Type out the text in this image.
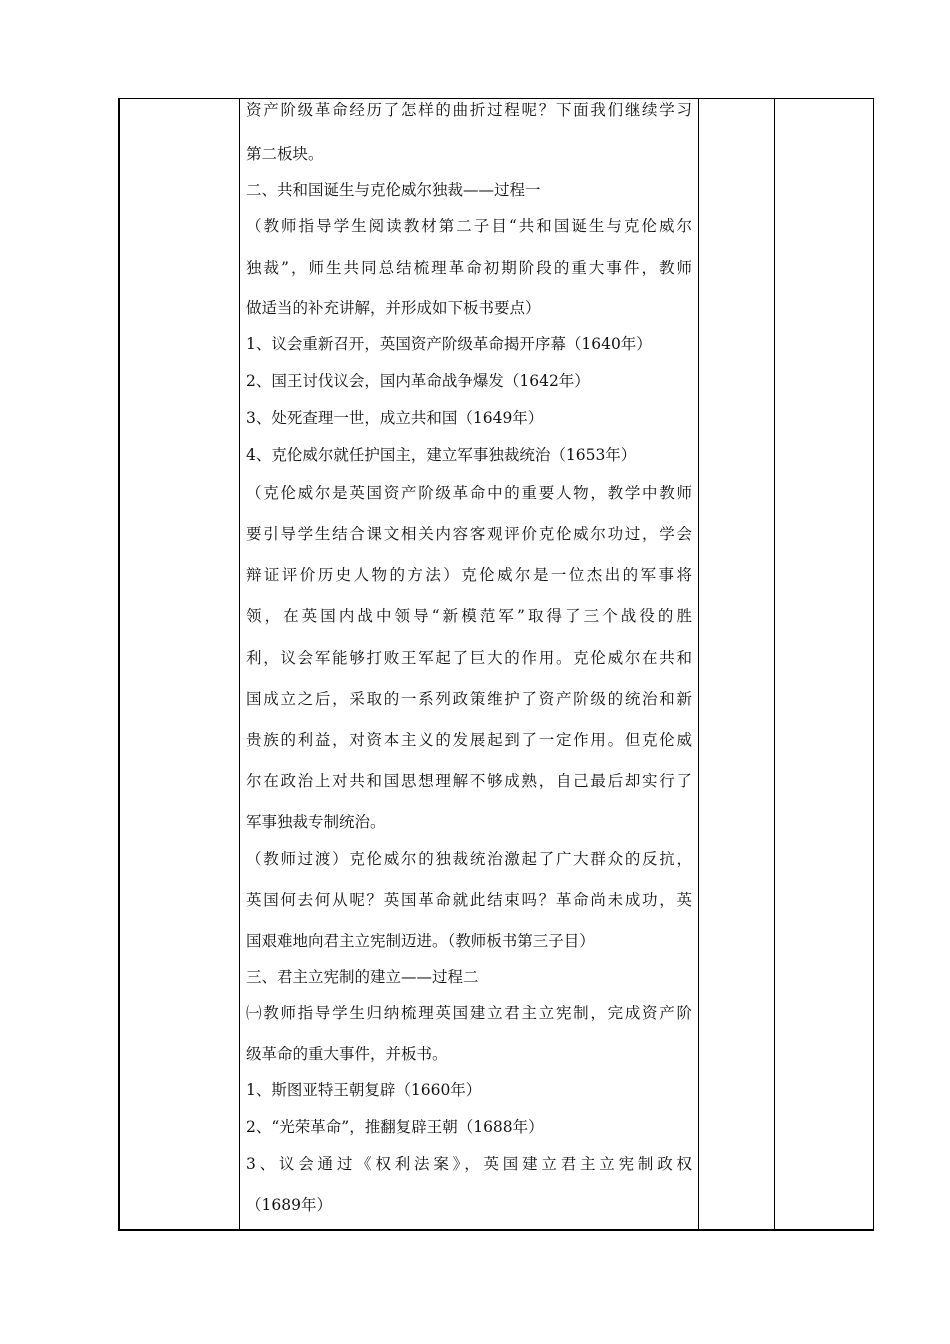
资产阶级革命经历了怎样的曲折过程呢？下面我们继续学习
第二板块。
二、共和国诞生与克伦威尔独裁——过程一
（教师指导学生阅读教材第二子目“共和国诞生与克伦威尔
独裁”，师生共同总结梳理革命初期阶段的重大事件，教师
做适当的补充讲解，并形成如下板书要点）
1、议会重新召开，英国资产阶级革命揭开序幕（1640年）
2、国王讨伐议会，国内革命战争爆发（1642年）
3、处死查理一世，成立共和国（1649年）
4、克伦威尔就任护国主，建立军事独裁统治（1653年）
（克伦威尔是英国资产阶级革命中的重要人物，教学中教师
要引导学生结合课文相关内容客观评价克伦威尔功过，学会
辩证评价历史人物的方法）克伦威尔是一位杰出的军事将
领，在英国内战中领导“新模范军”取得了三个战役的胜
利，议会军能够打败王军起了巨大的作用。克伦威尔在共和
国成立之后，采取的一系列政策维护了资产阶级的统治和新
贵族的利益，对资本主义的发展起到了一定作用。但克伦威
尔在政治上对共和国思想理解不够成熟，自己最后却实行了
军事独裁专制统治。
（教师过渡）克伦威尔的独裁统治激起了广大群众的反抗，
英国何去何从呢？英国革命就此结束吗？革命尚未成功，英
国艰难地向君主立宪制迈进。（教师板书第三子目）
三、君主立宪制的建立——过程二
㈠教师指导学生归纳梳理英国建立君主立宪制，完成资产阶
级革命的重大事件，并板书。
1、斯图亚特王朝复辟（1660年）
2、“光荣革命”，推翻复辟王朝（1688年）
3、议会通过《权利法案》，英国建立君主立宪制政权
（1689年）
